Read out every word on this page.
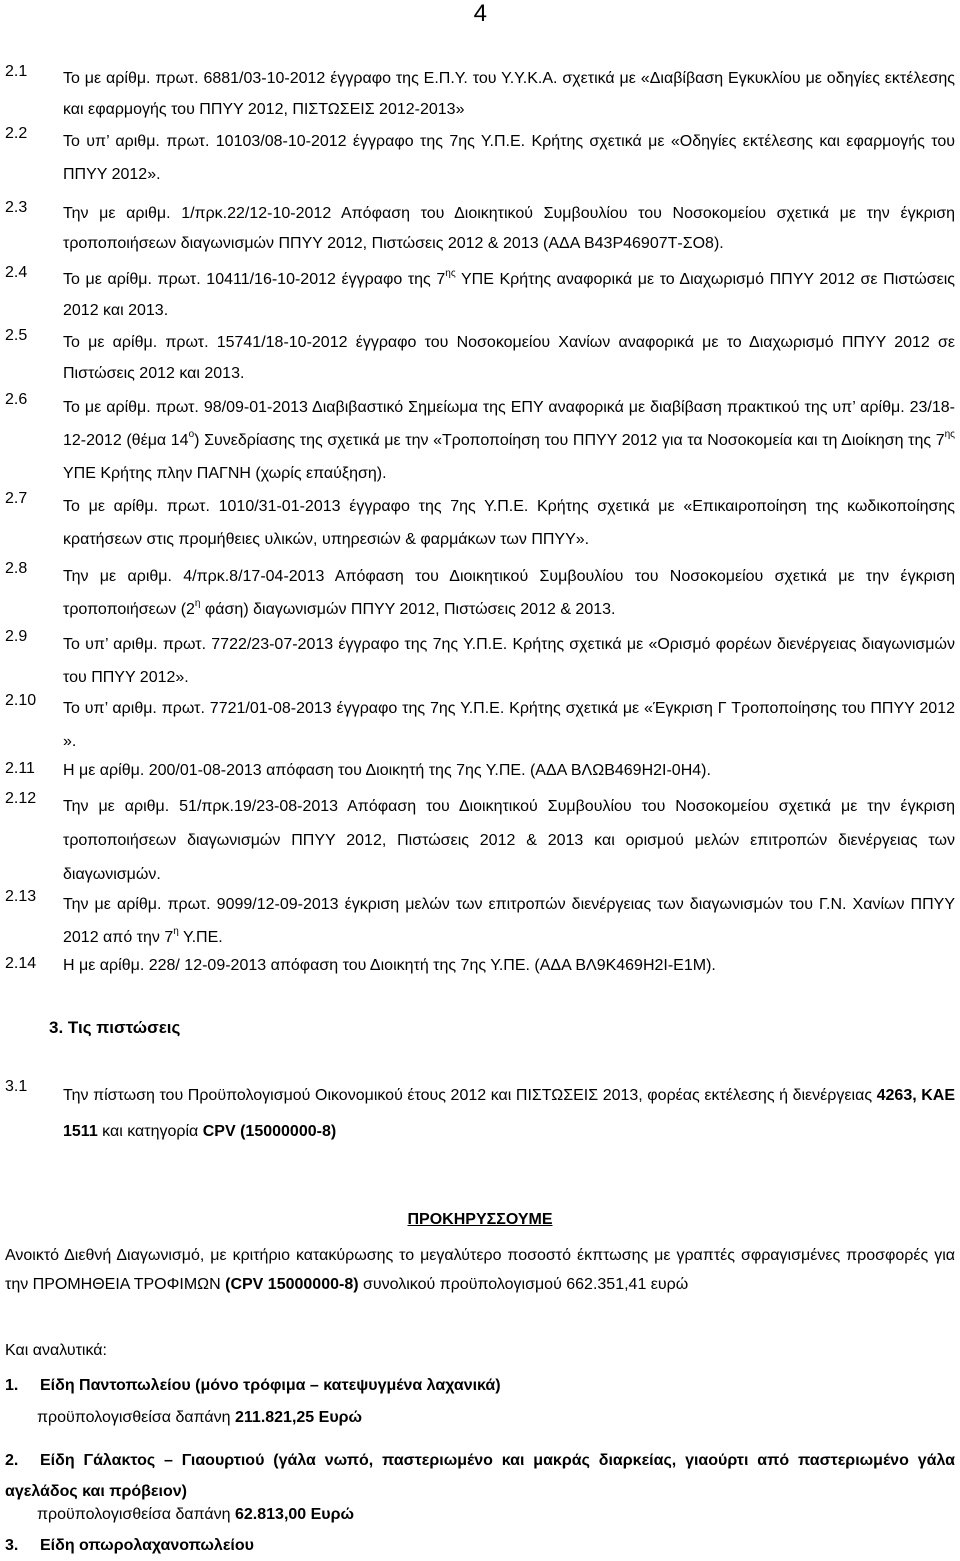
4
2.1 Το με αρίθμ. πρωτ. 6881/03-10-2012 έγγραφο της Ε.Π.Υ. του Υ.Υ.Κ.Α. σχετικά με «Διαβίβαση Εγκυκλίου με οδηγίες εκτέλεσης και εφαρμογής του ΠΠΥΥ 2012, ΠΙΣΤΩΣΕΙΣ 2012-2013»
2.2 Το υπ’ αριθμ. πρωτ. 10103/08-10-2012 έγγραφο της 7ης Υ.Π.Ε. Κρήτης σχετικά με «Οδηγίες εκτέλεσης και εφαρμογής του ΠΠΥΥ 2012».
2.3 Την με αριθμ. 1/πρκ.22/12-10-2012 Απόφαση του Διοικητικού Συμβουλίου του Νοσοκομείου σχετικά με την έγκριση τροποποιήσεων διαγωνισμών ΠΠΥΥ 2012, Πιστώσεις 2012 & 2013 (ΑΔΑ Β43Ρ46907Τ-ΣΟ8).
2.4 Το με αρίθμ. πρωτ. 10411/16-10-2012 έγγραφο της $7^{\eta\varsigma}$ ΥΠΕ Κρήτης αναφορικά με το Διαχωρισμό ΠΠΥΥ 2012 σε Πιστώσεις 2012 και 2013.
2.5 Το με αρίθμ. πρωτ. 15741/18-10-2012 έγγραφο του Νοσοκομείου Χανίων αναφορικά με το Διαχωρισμό ΠΠΥΥ 2012 σε Πιστώσεις 2012 και 2013.
2.6 Το με αρίθμ. πρωτ. 98/09-01-2013 Διαβιβαστικό Σημείωμα της ΕΠΥ αναφορικά με διαβίβαση πρακτικού της υπ’ αρίθμ. 23/18-12-2012 (θέμα $14^o$) Συνεδρίασης της σχετικά με την «Τροποποίηση του ΠΠΥΥ 2012 για τα Νοσοκομεία και τη Διοίκηση της $7^{\eta\varsigma}$ ΥΠΕ Κρήτης πλην ΠΑΓΝΗ (χωρίς επαύξηση).
2.7 Το με αρίθμ. πρωτ. 1010/31-01-2013 έγγραφο της 7ης Υ.Π.Ε. Κρήτης σχετικά με «Επικαιροποίηση της κωδικοποίησης κρατήσεων στις προμήθειες υλικών, υπηρεσιών & φαρμάκων των ΠΠΥΥ».
2.8 Την με αριθμ. 4/πρκ.8/17-04-2013 Απόφαση του Διοικητικού Συμβουλίου του Νοσοκομείου σχετικά με την έγκριση τροποποιήσεων ($2^\eta$ φάση) διαγωνισμών ΠΠΥΥ 2012, Πιστώσεις 2012 & 2013.
2.9 Το υπ’ αριθμ. πρωτ. 7722/23-07-2013 έγγραφο της 7ης Υ.Π.Ε. Κρήτης σχετικά με «Ορισμό φορέων διενέργειας διαγωνισμών του ΠΠΥΥ 2012».
2.10 Το υπ’ αριθμ. πρωτ. 7721/01-08-2013 έγγραφο της 7ης Υ.Π.Ε. Κρήτης σχετικά με «Έγκριση Γ Τροποποίησης του ΠΠΥΥ 2012 ».
2.11 Η με αρίθμ. 200/01-08-2013 απόφαση του Διοικητή της 7ης Υ.ΠΕ. (ΑΔΑ ΒΛΩΒ469Η2Ι-0Η4).
2.12 Την με αριθμ. 51/πρκ.19/23-08-2013 Απόφαση του Διοικητικού Συμβουλίου του Νοσοκομείου σχετικά με την έγκριση τροποποιήσεων διαγωνισμών ΠΠΥΥ 2012, Πιστώσεις 2012 & 2013 και ορισμού μελών επιτροπών διενέργειας των διαγωνισμών.
2.13 Την με αρίθμ. πρωτ. 9099/12-09-2013 έγκριση μελών των επιτροπών διενέργειας των διαγωνισμών του Γ.Ν. Χανίων ΠΠΥΥ 2012 από την $7^\eta$ Υ.ΠΕ.
2.14 Η με αρίθμ. 228/ 12-09-2013 απόφαση του Διοικητή της 7ης Υ.ΠΕ. (ΑΔΑ ΒΛ9Κ469Η2Ι-Ε1Μ).
3. Τις πιστώσεις
3.1
Την πίστωση του Προϋπολογισμού Οικονομικού έτους 2012 και ΠΙΣΤΩΣΕΙΣ 2013, φορέας εκτέλεσης ή διενέργειας 4263, ΚΑΕ 1511 και κατηγορία CPV (15000000-8)
ΠΡΟΚΗΡΥΣΣΟΥΜΕ
Ανοικτό Διεθνή Διαγωνισμό, με κριτήριο κατακύρωσης το μεγαλύτερο ποσοστό έκπτωσης με γραπτές σφραγισμένες προσφορές για την ΠΡΟΜΗΘΕΙΑ ΤΡΟΦΙΜΩΝ (CPV 15000000-8) συνολικού προϋπολογισμού 662.351,41 ευρώ
Και αναλυτικά:
1. Είδη Παντοπωλείου (μόνο τρόφιμα – κατεψυγμένα λαχανικά)
προϋπολογισθείσα δαπάνη 211.821,25 Ευρώ
2. Είδη Γάλακτος – Γιαουρτιού (γάλα νωπό, παστεριωμένο και μακράς διαρκείας, γιαούρτι από παστεριωμένο γάλα αγελάδος και πρόβειον)
προϋπολογισθείσα δαπάνη 62.813,00 Ευρώ
3. Είδη οπωρολαχανοπωλείου
